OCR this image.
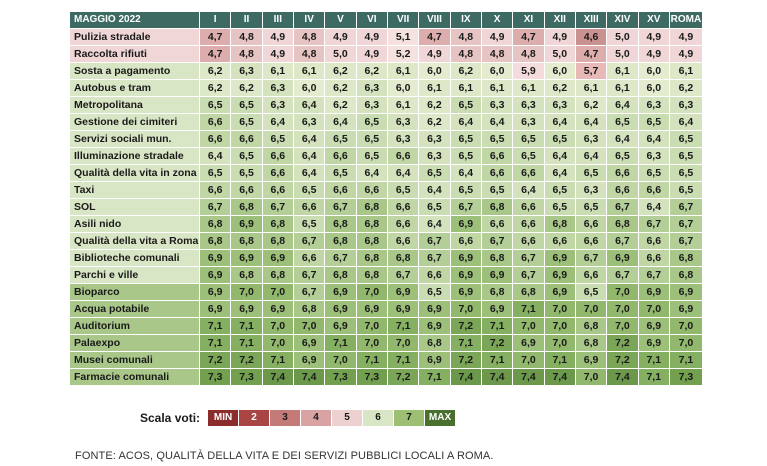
MAGGIO 2022	I	II	III	IV	V	VI	VII	VIII	IX	X	XI	XII	XIII	XIV	XV	ROMA
Pulizia stradale	4,7	4,8	4,9	4,8	4,9	4,9	5,1	4,7	4,8	4,9	4,7	4,9	4,6	5,0	4,9	4,9
Raccolta rifiuti	4,7	4,8	4,9	4,8	5,0	4,9	5,2	4,9	4,8	4,8	4,8	5,0	4,7	5,0	4,9	4,9
Sosta a pagamento	6,2	6,3	6,1	6,1	6,2	6,2	6,1	6,0	6,2	6,0	5,9	6,0	5,7	6,1	6,0	6,1
Autobus e tram	6,2	6,2	6,3	6,0	6,2	6,3	6,0	6,1	6,1	6,1	6,1	6,2	6,1	6,1	6,0	6,2
Metropolitana	6,5	6,5	6,3	6,4	6,2	6,3	6,1	6,2	6,5	6,3	6,3	6,3	6,2	6,4	6,3	6,3
Gestione dei cimiteri	6,6	6,5	6,4	6,3	6,4	6,5	6,3	6,2	6,4	6,4	6,3	6,4	6,4	6,5	6,5	6,4
Servizi sociali mun.	6,6	6,6	6,5	6,4	6,5	6,5	6,3	6,3	6,5	6,5	6,5	6,5	6,3	6,4	6,4	6,5
Illuminazione stradale	6,4	6,5	6,6	6,4	6,6	6,5	6,6	6,3	6,5	6,6	6,5	6,4	6,4	6,5	6,3	6,5
Qualità della vita in zona	6,5	6,5	6,6	6,4	6,5	6,4	6,4	6,5	6,4	6,6	6,6	6,4	6,5	6,6	6,5	6,5
Taxi	6,6	6,6	6,6	6,5	6,6	6,6	6,5	6,4	6,5	6,5	6,4	6,5	6,3	6,6	6,6	6,5
SOL	6,7	6,8	6,7	6,6	6,7	6,8	6,6	6,5	6,7	6,8	6,6	6,5	6,5	6,7	6,4	6,7
Asili nido	6,8	6,9	6,8	6,5	6,8	6,8	6,6	6,4	6,9	6,6	6,6	6,8	6,6	6,8	6,7	6,7
Qualità della vita a Roma	6,8	6,8	6,8	6,7	6,8	6,8	6,6	6,7	6,6	6,7	6,6	6,6	6,6	6,7	6,6	6,7
Biblioteche comunali	6,9	6,9	6,9	6,6	6,7	6,8	6,8	6,7	6,9	6,8	6,7	6,9	6,7	6,9	6,6	6,8
Parchi e ville	6,9	6,8	6,8	6,7	6,8	6,8	6,7	6,6	6,9	6,9	6,7	6,9	6,6	6,7	6,7	6,8
Bioparco	6,9	7,0	7,0	6,7	6,9	7,0	6,9	6,5	6,9	6,8	6,8	6,9	6,5	7,0	6,9	6,9
Acqua potabile	6,9	6,9	6,9	6,8	6,9	6,9	6,9	6,9	7,0	6,9	7,1	7,0	7,0	7,0	7,0	6,9
Auditorium	7,1	7,1	7,0	7,0	6,9	7,0	7,1	6,9	7,2	7,1	7,0	7,0	6,8	7,0	6,9	7,0
Palaexpo	7,1	7,1	7,0	6,9	7,1	7,0	7,0	6,8	7,1	7,2	6,9	7,0	6,8	7,2	6,9	7,0
Musei comunali	7,2	7,2	7,1	6,9	7,0	7,1	7,1	6,9	7,2	7,1	7,0	7,1	6,9	7,2	7,1	7,1
Farmacie comunali	7,3	7,3	7,4	7,4	7,3	7,3	7,2	7,1	7,4	7,4	7,4	7,4	7,0	7,4	7,1	7,3
Scala voti:	MIN	2	3	4	5	6	7	MAX
FONTE: ACOS, QUALITÀ DELLA VITA E DEI SERVIZI PUBBLICI LOCALI A ROMA.
